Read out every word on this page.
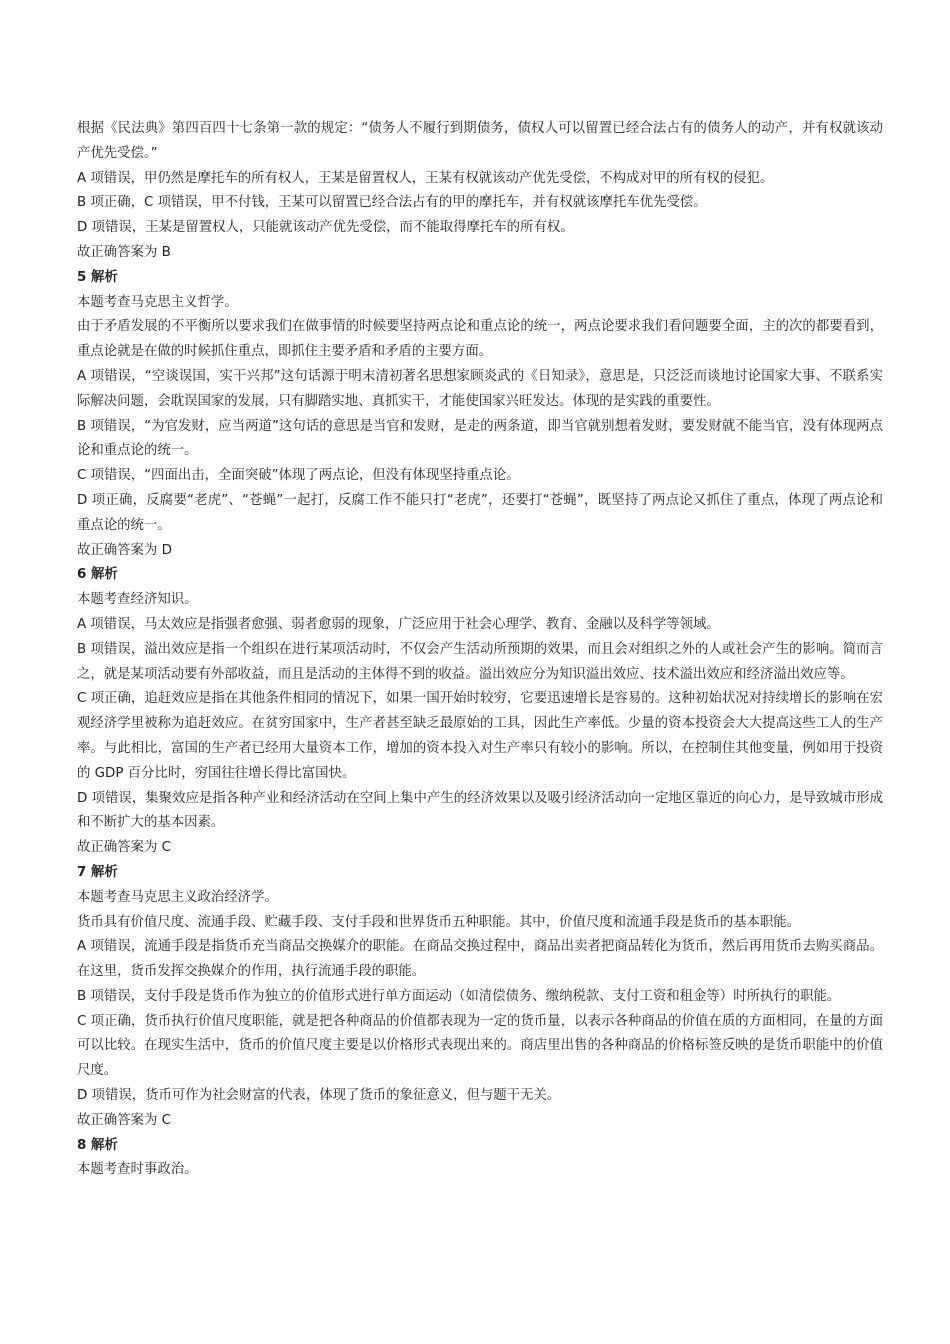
根据《民法典》第四百四十七条第一款的规定：“债务人不履行到期债务，债权人可以留置已经合法占有的债务人的动产，并有权就该动产优先受偿。”

A 项错误，甲仍然是摩托车的所有权人，王某是留置权人，王某有权就该动产优先受偿，不构成对甲的所有权的侵犯。

B 项正确，C 项错误，甲不付钱，王某可以留置已经合法占有的甲的摩托车，并有权就该摩托车优先受偿。

D 项错误，王某是留置权人，只能就该动产优先受偿，而不能取得摩托车的所有权。

故正确答案为 B

5 解析

本题考查马克思主义哲学。

由于矛盾发展的不平衡所以要求我们在做事情的时候要坚持两点论和重点论的统一，两点论要求我们看问题要全面，主的次的都要看到，重点论就是在做的时候抓住重点，即抓住主要矛盾和矛盾的主要方面。

A 项错误，“空谈误国，实干兴邦”这句话源于明末清初著名思想家顾炎武的《日知录》，意思是，只泛泛而谈地讨论国家大事、不联系实际解决问题，会耽误国家的发展，只有脚踏实地、真抓实干，才能使国家兴旺发达。体现的是实践的重要性。

B 项错误，“为官发财，应当两道”这句话的意思是当官和发财，是走的两条道，即当官就别想着发财，要发财就不能当官，没有体现两点论和重点论的统一。

C 项错误，“四面出击，全面突破”体现了两点论，但没有体现坚持重点论。

D 项正确，反腐要“老虎”、“苍蝇”一起打，反腐工作不能只打“老虎”，还要打“苍蝇”，既坚持了两点论又抓住了重点，体现了两点论和重点论的统一。

故正确答案为 D

6 解析

本题考查经济知识。

A 项错误，马太效应是指强者愈强、弱者愈弱的现象，广泛应用于社会心理学、教育、金融以及科学等领域。

B 项错误，溢出效应是指一个组织在进行某项活动时，不仅会产生活动所预期的效果，而且会对组织之外的人或社会产生的影响。简而言之，就是某项活动要有外部收益，而且是活动的主体得不到的收益。溢出效应分为知识溢出效应、技术溢出效应和经济溢出效应等。

C 项正确，追赶效应是指在其他条件相同的情况下，如果一国开始时较穷，它要迅速增长是容易的。这种初始状况对持续增长的影响在宏观经济学里被称为追赶效应。在贫穷国家中，生产者甚至缺乏最原始的工具，因此生产率低。少量的资本投资会大大提高这些工人的生产率。与此相比，富国的生产者已经用大量资本工作，增加的资本投入对生产率只有较小的影响。所以，在控制住其他变量，例如用于投资的 GDP 百分比时，穷国往往增长得比富国快。

D 项错误，集聚效应是指各种产业和经济活动在空间上集中产生的经济效果以及吸引经济活动向一定地区靠近的向心力，是导致城市形成和不断扩大的基本因素。

故正确答案为 C

7 解析

本题考查马克思主义政治经济学。

货币具有价值尺度、流通手段、贮藏手段、支付手段和世界货币五种职能。其中，价值尺度和流通手段是货币的基本职能。

A 项错误，流通手段是指货币充当商品交换媒介的职能。在商品交换过程中，商品出卖者把商品转化为货币，然后再用货币去购买商品。在这里，货币发挥交换媒介的作用，执行流通手段的职能。

B 项错误，支付手段是货币作为独立的价值形式进行单方面运动（如清偿债务、缴纳税款、支付工资和租金等）时所执行的职能。

C 项正确，货币执行价值尺度职能，就是把各种商品的价值都表现为一定的货币量，以表示各种商品的价值在质的方面相同，在量的方面可以比较。在现实生活中，货币的价值尺度主要是以价格形式表现出来的。商店里出售的各种商品的价格标签反映的是货币职能中的价值尺度。

D 项错误，货币可作为社会财富的代表，体现了货币的象征意义，但与题干无关。

故正确答案为 C

8 解析

本题考查时事政治。
